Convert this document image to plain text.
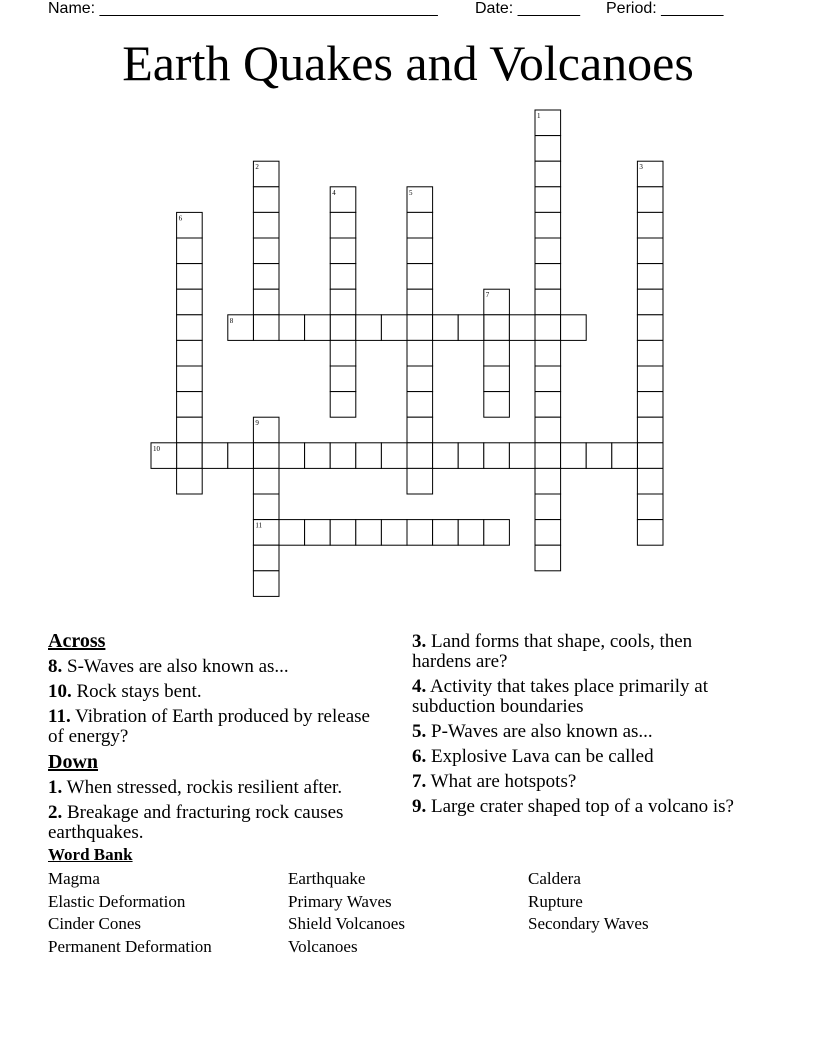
Name: ______________________________________ Date: _______ Period: _______
Earth Quakes and Volcanoes
1
2	3
4	5
6
7
8
9
10
11
Across
8. S-Waves are also known as...
10. Rock stays bent.
11. Vibration of Earth produced by release of energy?
Down
1. When stressed, rockis resilient after.
2. Breakage and fracturing rock causes earthquakes.
3. Land forms that shape, cools, then hardens are?
4. Activity that takes place primarily at subduction boundaries
5. P-Waves are also known as...
6. Explosive Lava can be called
7. What are hotspots?
9. Large crater shaped top of a volcano is?
Word Bank
Magma	Earthquake	Caldera
Elastic Deformation	Primary Waves	Rupture
Cinder Cones	Shield Volcanoes	Secondary Waves
Permanent Deformation	Volcanoes
